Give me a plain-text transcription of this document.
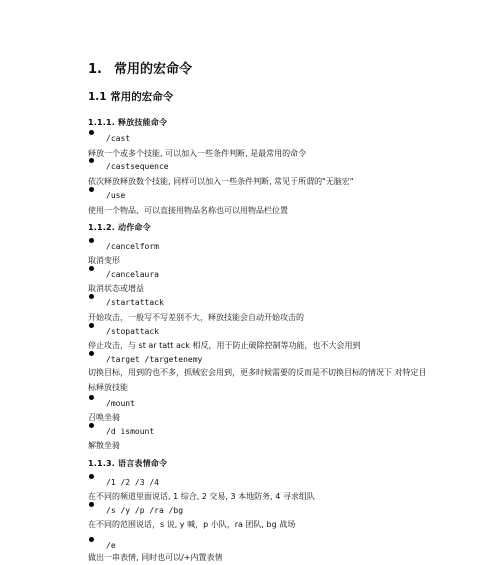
1. 常用的宏命令
1.1 常用的宏命令
1.1.1. 释放技能命令
/cast
释放一个或多个技能, 可以加入一些条件判断, 是最常用的命令
/castsequence
依次释放释放数个技能, 同样可以加入一些条件判断, 常见于所谓的"无脑宏"
/use
使用一个物品，可以直接用物品名称也可以用物品栏位置
1.1.2. 动作命令
/cancelform
取消变形
/cancelaura
取消状态或增益
/startattack
开始攻击，一般写不写差别不大，释放技能会自动开始攻击的
/stopattack
停止攻击，与 st ar tatt ack 相反，用于防止破除控制等功能，也不大会用到
/target /targetenemy
切换目标，用到的也不多，抓贼宏会用到，更多时候需要的反而是不切换目标的情况下 对特定目标释放技能
/mount
召唤坐骑
/d ismount
解散坐骑
1.1.3. 语言表情命令
/1 /2 /3 /4
在不同的频道里面说话, 1 综合, 2 交易, 3 本地防务, 4 寻求组队
/s /y /p /ra /bg
在不同的范围说话，s 说, y 喊，p 小队，ra 团队, bg 战场
/e
做出一串表情, 同时也可以/+内置表情
